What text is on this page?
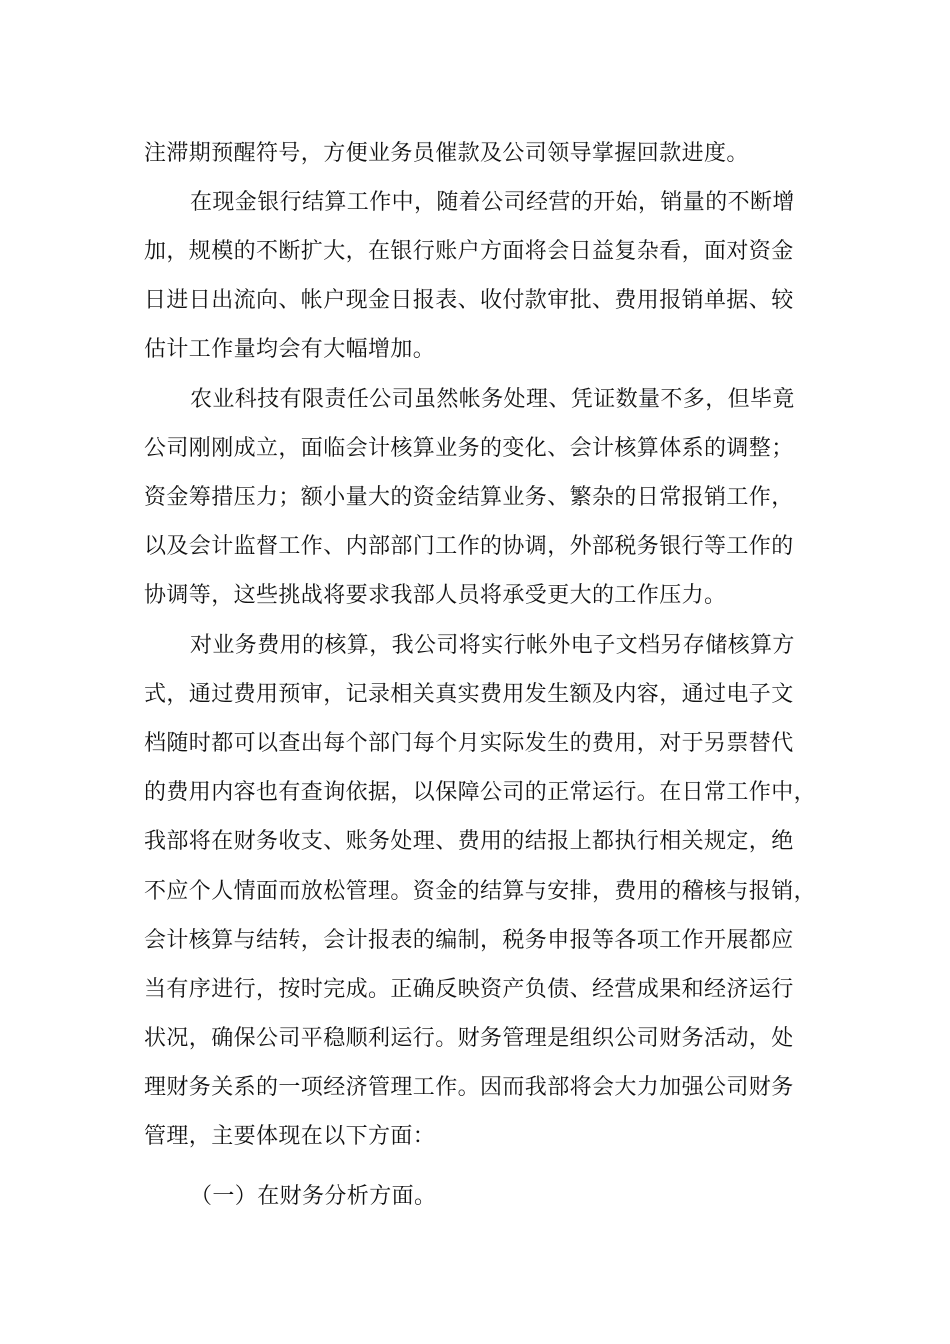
注滞期预醒符号，方便业务员催款及公司领导掌握回款进度。
在现金银行结算工作中，随着公司经营的开始，销量的不断增
加，规模的不断扩大，在银行账户方面将会日益复杂看，面对资金
日进日出流向、帐户现金日报表、收付款审批、费用报销单据、较
估计工作量均会有大幅增加。
农业科技有限责任公司虽然帐务处理、凭证数量不多，但毕竟
公司刚刚成立，面临会计核算业务的变化、会计核算体系的调整；
资金筹措压力；额小量大的资金结算业务、繁杂的日常报销工作，
以及会计监督工作、内部部门工作的协调，外部税务银行等工作的
协调等，这些挑战将要求我部人员将承受更大的工作压力。
对业务费用的核算，我公司将实行帐外电子文档另存储核算方
式，通过费用预审，记录相关真实费用发生额及内容，通过电子文
档随时都可以查出每个部门每个月实际发生的费用，对于另票替代
的费用内容也有查询依据，以保障公司的正常运行。在日常工作中，
我部将在财务收支、账务处理、费用的结报上都执行相关规定，绝
不应个人情面而放松管理。资金的结算与安排，费用的稽核与报销，
会计核算与结转，会计报表的编制，税务申报等各项工作开展都应
当有序进行，按时完成。正确反映资产负债、经营成果和经济运行
状况，确保公司平稳顺利运行。财务管理是组织公司财务活动，处
理财务关系的一项经济管理工作。因而我部将会大力加强公司财务
管理，主要体现在以下方面：
（一）在财务分析方面。
